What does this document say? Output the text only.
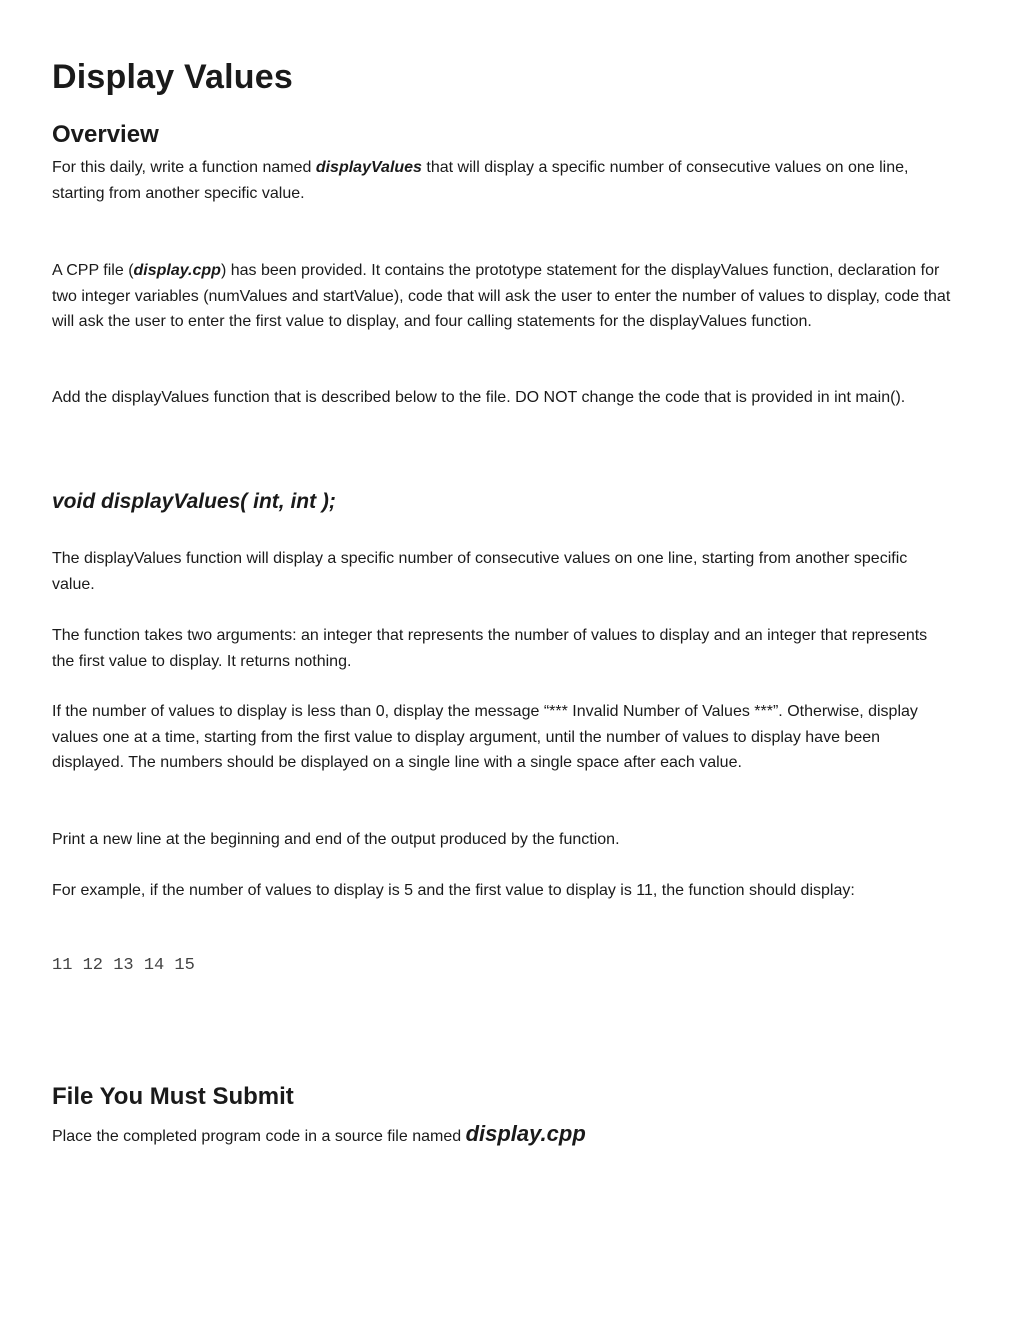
Display Values
Overview

For this daily, write a function named displayValues that will display a specific number of consecutive values on one line, starting from another specific value.

A CPP file (display.cpp) has been provided. It contains the prototype statement for the displayValues function, declaration for two integer variables (numValues and startValue), code that will ask the user to enter the number of values to display, code that will ask the user to enter the first value to display, and four calling statements for the displayValues function.

Add the displayValues function that is described below to the file. DO NOT change the code that is provided in int main().

void displayValues( int, int );

The displayValues function will display a specific number of consecutive values on one line, starting from another specific value.

The function takes two arguments: an integer that represents the number of values to display and an integer that represents the first value to display. It returns nothing.

If the number of values to display is less than 0, display the message “*** Invalid Number of Values ***”. Otherwise, display values one at a time, starting from the first value to display argument, until the number of values to display have been displayed. The numbers should be displayed on a single line with a single space after each value.

Print a new line at the beginning and end of the output produced by the function.

For example, if the number of values to display is 5 and the first value to display is 11, the function should display:

11 12 13 14 15
File You Must Submit

Place the completed program code in a source file named display.cpp
